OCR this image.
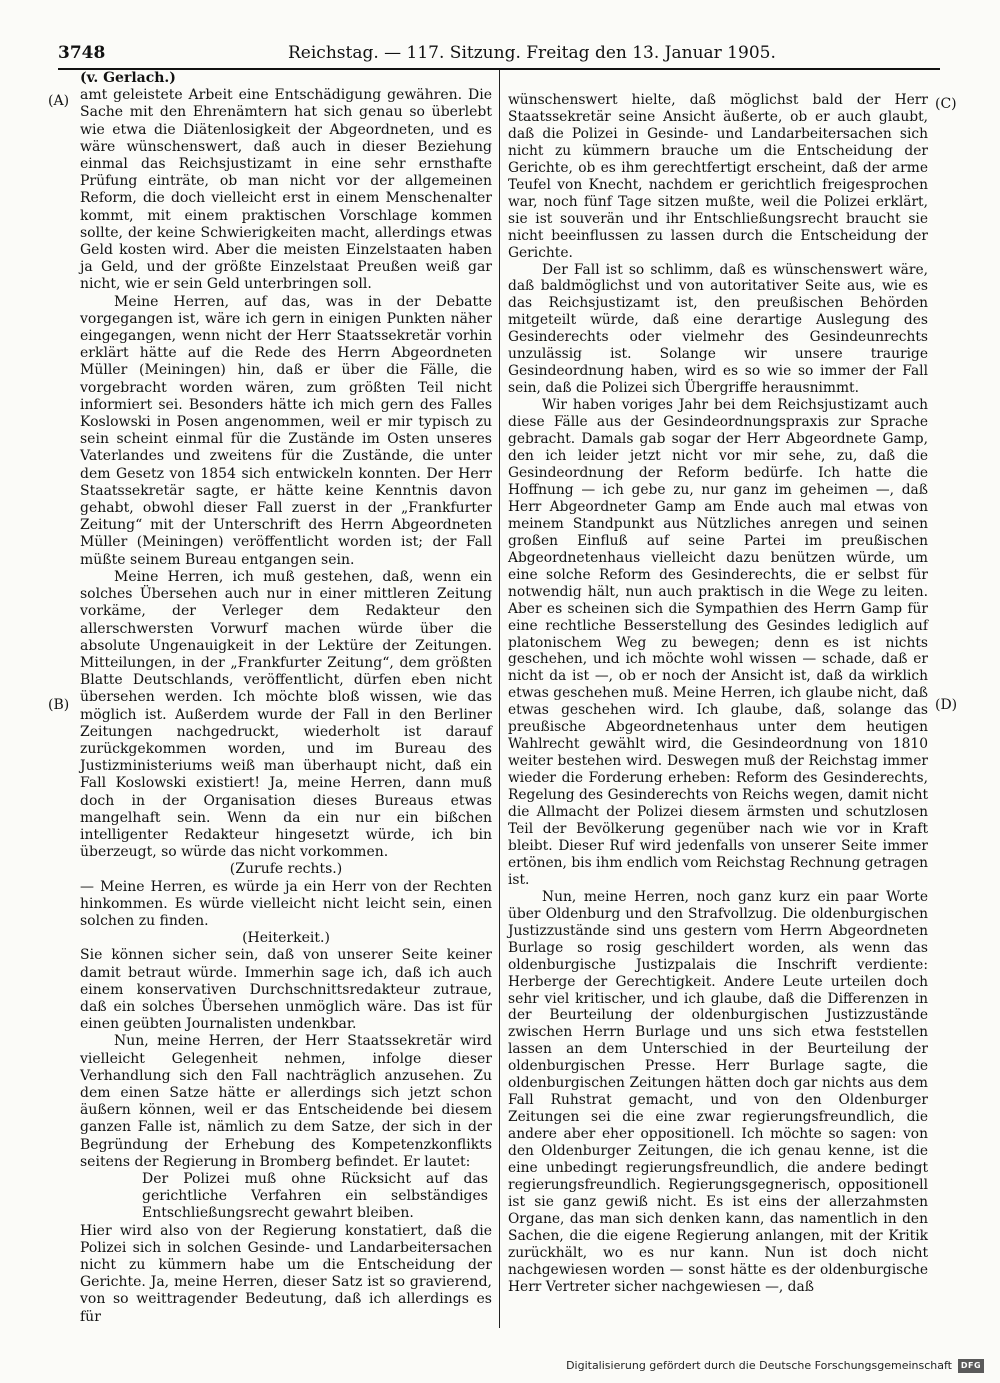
3748	Reichstag. — 117. Sitzung. Freitag den 13. Januar 1905.
(A)
(B)
(C)
(D)

(v. Gerlach.)

amt geleistete Arbeit eine Entschädigung gewähren. Die Sache mit den Ehrenämtern hat sich genau so überlebt wie etwa die Diätenlosigkeit der Abgeordneten, und es wäre wünschenswert, daß auch in dieser Beziehung einmal das Reichsjustizamt in eine sehr ernsthafte Prüfung einträte, ob man nicht vor der allgemeinen Reform, die doch vielleicht erst in einem Menschenalter kommt, mit einem praktischen Vorschlage kommen sollte, der keine Schwierigkeiten macht, allerdings etwas Geld kosten wird. Aber die meisten Einzelstaaten haben ja Geld, und der größte Einzelstaat Preußen weiß gar nicht, wie er sein Geld unterbringen soll.

Meine Herren, auf das, was in der Debatte vorgegangen ist, wäre ich gern in einigen Punkten näher eingegangen, wenn nicht der Herr Staatssekretär vorhin erklärt hätte auf die Rede des Herrn Abgeordneten Müller (Meiningen) hin, daß er über die Fälle, die vorgebracht worden wären, zum größten Teil nicht informiert sei. Besonders hätte ich mich gern des Falles Koslowski in Posen angenommen, weil er mir typisch zu sein scheint einmal für die Zustände im Osten unseres Vaterlandes und zweitens für die Zustände, die unter dem Gesetz von 1854 sich entwickeln konnten. Der Herr Staatssekretär sagte, er hätte keine Kenntnis davon gehabt, obwohl dieser Fall zuerst in der „Frankfurter Zeitung“ mit der Unterschrift des Herrn Abgeordneten Müller (Meiningen) veröffentlicht worden ist; der Fall müßte seinem Bureau entgangen sein.

Meine Herren, ich muß gestehen, daß, wenn ein solches Übersehen auch nur in einer mittleren Zeitung vorkäme, der Verleger dem Redakteur den allerschwersten Vorwurf machen würde über die absolute Ungenauigkeit in der Lektüre der Zeitungen. Mitteilungen, in der „Frankfurter Zeitung“, dem größten Blatte Deutschlands, veröffentlicht, dürfen eben nicht übersehen werden. Ich möchte bloß wissen, wie das möglich ist. Außerdem wurde der Fall in den Berliner Zeitungen nachgedruckt, wiederholt ist darauf zurückgekommen worden, und im Bureau des Justizministeriums weiß man überhaupt nicht, daß ein Fall Koslowski existiert! Ja, meine Herren, dann muß doch in der Organisation dieses Bureaus etwas mangelhaft sein. Wenn da ein nur ein bißchen intelligenter Redakteur hingesetzt würde, ich bin überzeugt, so würde das nicht vorkommen.

(Zurufe rechts.)

— Meine Herren, es würde ja ein Herr von der Rechten hinkommen. Es würde vielleicht nicht leicht sein, einen solchen zu finden.

(Heiterkeit.)

Sie können sicher sein, daß von unserer Seite keiner damit betraut würde. Immerhin sage ich, daß ich auch einem konservativen Durchschnittsredakteur zutraue, daß ein solches Übersehen unmöglich wäre. Das ist für einen geübten Journalisten undenkbar.

Nun, meine Herren, der Herr Staatssekretär wird vielleicht Gelegenheit nehmen, infolge dieser Verhandlung sich den Fall nachträglich anzusehen. Zu dem einen Satze hätte er allerdings sich jetzt schon äußern können, weil er das Entscheidende bei diesem ganzen Falle ist, nämlich zu dem Satze, der sich in der Begründung der Erhebung des Kompetenzkonflikts seitens der Regierung in Bromberg befindet. Er lautet:

Der Polizei muß ohne Rücksicht auf das gerichtliche Verfahren ein selbständiges Entschließungsrecht gewahrt bleiben.

Hier wird also von der Regierung konstatiert, daß die Polizei sich in solchen Gesinde- und Landarbeitersachen nicht zu kümmern habe um die Entscheidung der Gerichte. Ja, meine Herren, dieser Satz ist so gravierend, von so weittragender Bedeutung, daß ich allerdings es für

wünschenswert hielte, daß möglichst bald der Herr Staatssekretär seine Ansicht äußerte, ob er auch glaubt, daß die Polizei in Gesinde- und Landarbeitersachen sich nicht zu kümmern brauche um die Entscheidung der Gerichte, ob es ihm gerechtfertigt erscheint, daß der arme Teufel von Knecht, nachdem er gerichtlich freigesprochen war, noch fünf Tage sitzen mußte, weil die Polizei erklärt, sie ist souverän und ihr Entschließungsrecht braucht sie nicht beeinflussen zu lassen durch die Entscheidung der Gerichte.

Der Fall ist so schlimm, daß es wünschenswert wäre, daß baldmöglichst und von autoritativer Seite aus, wie es das Reichsjustizamt ist, den preußischen Behörden mitgeteilt würde, daß eine derartige Auslegung des Gesinderechts oder vielmehr des Gesindeunrechts unzulässig ist. Solange wir unsere traurige Gesindeordnung haben, wird es so wie so immer der Fall sein, daß die Polizei sich Übergriffe herausnimmt.

Wir haben voriges Jahr bei dem Reichsjustizamt auch diese Fälle aus der Gesindeordnungspraxis zur Sprache gebracht. Damals gab sogar der Herr Abgeordnete Gamp, den ich leider jetzt nicht vor mir sehe, zu, daß die Gesindeordnung der Reform bedürfe. Ich hatte die Hoffnung — ich gebe zu, nur ganz im geheimen —, daß Herr Abgeordneter Gamp am Ende auch mal etwas von meinem Standpunkt aus Nützliches anregen und seinen großen Einfluß auf seine Partei im preußischen Abgeordnetenhaus vielleicht dazu benützen würde, um eine solche Reform des Gesinderechts, die er selbst für notwendig hält, nun auch praktisch in die Wege zu leiten. Aber es scheinen sich die Sympathien des Herrn Gamp für eine rechtliche Besserstellung des Gesindes lediglich auf platonischem Weg zu bewegen; denn es ist nichts geschehen, und ich möchte wohl wissen — schade, daß er nicht da ist —, ob er noch der Ansicht ist, daß da wirklich etwas geschehen muß. Meine Herren, ich glaube nicht, daß etwas geschehen wird. Ich glaube, daß, solange das preußische Abgeordnetenhaus unter dem heutigen Wahlrecht gewählt wird, die Gesindeordnung von 1810 weiter bestehen wird. Deswegen muß der Reichstag immer wieder die Forderung erheben: Reform des Gesinderechts, Regelung des Gesinderechts von Reichs wegen, damit nicht die Allmacht der Polizei diesem ärmsten und schutzlosen Teil der Bevölkerung gegenüber nach wie vor in Kraft bleibt. Dieser Ruf wird jedenfalls von unserer Seite immer ertönen, bis ihm endlich vom Reichstag Rechnung getragen ist.

Nun, meine Herren, noch ganz kurz ein paar Worte über Oldenburg und den Strafvollzug. Die oldenburgischen Justizzustände sind uns gestern vom Herrn Abgeordneten Burlage so rosig geschildert worden, als wenn das oldenburgische Justizpalais die Inschrift verdiente: Herberge der Gerechtigkeit. Andere Leute urteilen doch sehr viel kritischer, und ich glaube, daß die Differenzen in der Beurteilung der oldenburgischen Justizzustände zwischen Herrn Burlage und uns sich etwa feststellen lassen an dem Unterschied in der Beurteilung der oldenburgischen Presse. Herr Burlage sagte, die oldenburgischen Zeitungen hätten doch gar nichts aus dem Fall Ruhstrat gemacht, und von den Oldenburger Zeitungen sei die eine zwar regierungsfreundlich, die andere aber eher oppositionell. Ich möchte so sagen: von den Oldenburger Zeitungen, die ich genau kenne, ist die eine unbedingt regierungsfreundlich, die andere bedingt regierungsfreundlich. Regierungsgegnerisch, oppositionell ist sie ganz gewiß nicht. Es ist eins der allerzahmsten Organe, das man sich denken kann, das namentlich in den Sachen, die die eigene Regierung anlangen, mit der Kritik zurückhält, wo es nur kann. Nun ist doch nicht nachgewiesen worden — sonst hätte es der oldenburgische Herr Vertreter sicher nachgewiesen —, daß

Digitalisierung gefördert durch die Deutsche Forschungsgemeinschaft	DFG
